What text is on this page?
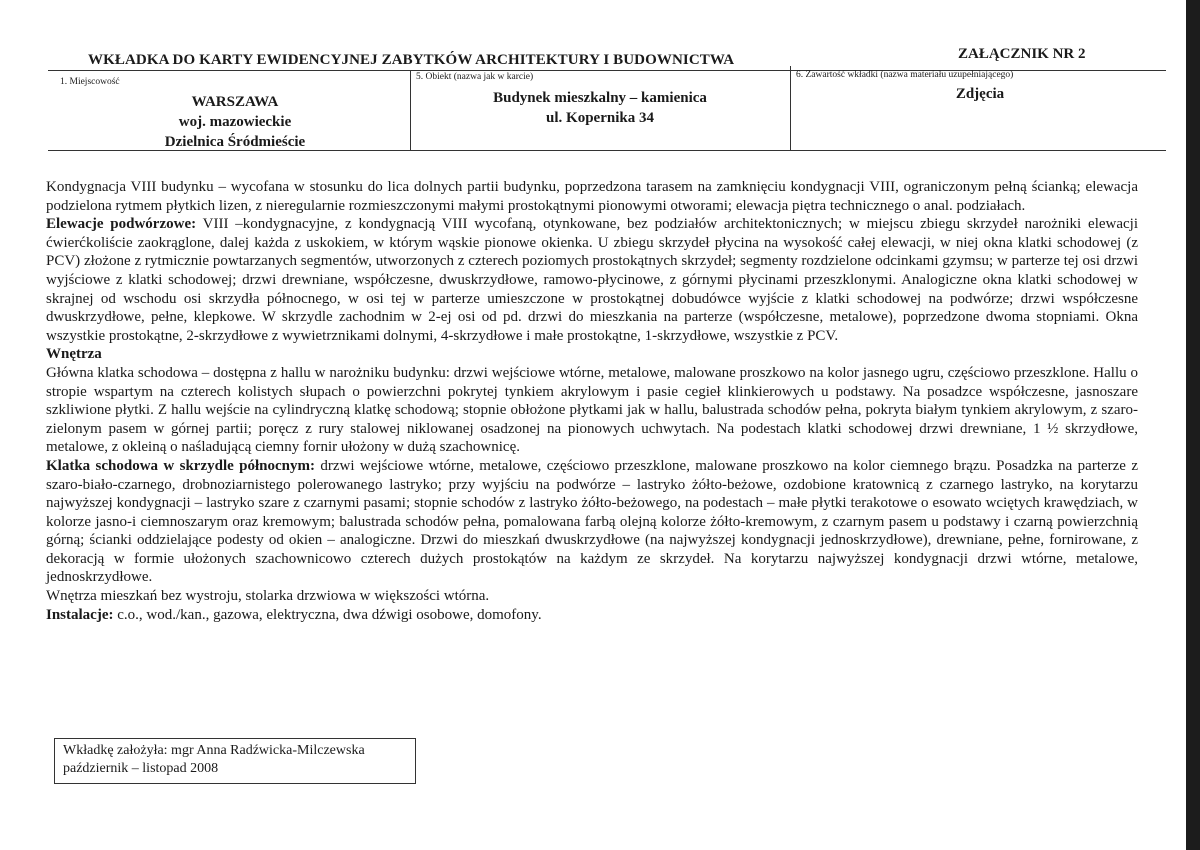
WKŁADKA DO KARTY EWIDENCYJNEJ ZABYTKÓW ARCHITEKTURY I BUDOWNICTWA	ZAŁĄCZNIK NR 2
1. Miejscowość
WARSZAWA
woj. mazowieckie
Dzielnica Śródmieście
5. Obiekt (nazwa jak w karcie)
Budynek mieszkalny – kamienica
ul. Kopernika 34
6. Zawartość wkładki (nazwa materiału uzupełniającego)
Zdjęcia

Kondygnacja VIII budynku – wycofana w stosunku do lica dolnych partii budynku, poprzedzona tarasem na zamknięciu kondygnacji VIII, ograniczonym pełną ścianką; elewacja podzielona rytmem płytkich lizen, z nieregularnie rozmieszczonymi małymi prostokątnymi pionowymi otworami; elewacja piętra technicznego o anal. podziałach.

Elewacje podwórzowe: VIII –kondygnacyjne, z kondygnacją VIII wycofaną, otynkowane, bez podziałów architektonicznych; w miejscu zbiegu skrzydeł narożniki elewacji ćwierćkoliście zaokrąglone, dalej każda z uskokiem, w którym wąskie pionowe okienka. U zbiegu skrzydeł płycina na wysokość całej elewacji, w niej okna klatki schodowej (z PCV) złożone z rytmicznie powtarzanych segmentów, utworzonych z czterech poziomych prostokątnych skrzydeł; segmenty rozdzielone odcinkami gzymsu; w parterze tej osi drzwi wyjściowe z klatki schodowej; drzwi drewniane, współczesne, dwuskrzydłowe, ramowo-płycinowe, z górnymi płycinami przeszklonymi. Analogiczne okna klatki schodowej w skrajnej od wschodu osi skrzydła północnego, w osi tej w parterze umieszczone w prostokątnej dobudówce wyjście z klatki schodowej na podwórze; drzwi współczesne dwuskrzydłowe, pełne, klepkowe. W skrzydle zachodnim w 2-ej osi od pd. drzwi do mieszkania na parterze (współczesne, metalowe), poprzedzone dwoma stopniami. Okna wszystkie prostokątne, 2-skrzydłowe z wywietrznikami dolnymi, 4-skrzydłowe i małe prostokątne, 1-skrzydłowe, wszystkie z PCV.

Wnętrza

Główna klatka schodowa – dostępna z hallu w narożniku budynku: drzwi wejściowe wtórne, metalowe, malowane proszkowo na kolor jasnego ugru, częściowo przeszklone. Hallu o stropie wspartym na czterech kolistych słupach o powierzchni pokrytej tynkiem akrylowym i pasie cegieł klinkierowych u podstawy. Na posadzce współczesne, jasnoszare szkliwione płytki. Z hallu wejście na cylindryczną klatkę schodową; stopnie obłożone płytkami jak w hallu, balustrada schodów pełna, pokryta białym tynkiem akrylowym, z szaro-zielonym pasem w górnej partii; poręcz z rury stalowej niklowanej osadzonej na pionowych uchwytach. Na podestach klatki schodowej drzwi drewniane, 1 ½ skrzydłowe, metalowe, z okleiną o naśladującą ciemny fornir ułożony w dużą szachownicę.

Klatka schodowa w skrzydle północnym: drzwi wejściowe wtórne, metalowe, częściowo przeszklone, malowane proszkowo na kolor ciemnego brązu. Posadzka na parterze z szaro-biało-czarnego, drobnoziarnistego polerowanego lastryko; przy wyjściu na podwórze – lastryko żółto-beżowe, ozdobione kratownicą z czarnego lastryko, na korytarzu najwyższej kondygnacji – lastryko szare z czarnymi pasami; stopnie schodów z lastryko żółto-beżowego, na podestach – małe płytki terakotowe o esowato wciętych krawędziach, w kolorze jasno-i ciemnoszarym oraz kremowym; balustrada schodów pełna, pomalowana farbą olejną kolorze żółto-kremowym, z czarnym pasem u podstawy i czarną powierzchnią górną; ścianki oddzielające podesty od okien – analogiczne. Drzwi do mieszkań dwuskrzydłowe (na najwyższej kondygnacji jednoskrzydłowe), drewniane, pełne, fornirowane, z dekoracją w formie ułożonych szachownicowo czterech dużych prostokątów na każdym ze skrzydeł. Na korytarzu najwyższej kondygnacji drzwi wtórne, metalowe, jednoskrzydłowe.

Wnętrza mieszkań bez wystroju, stolarka drzwiowa w większości wtórna.

Instalacje: c.o., wod./kan., gazowa, elektryczna, dwa dźwigi osobowe, domofony.

Wkładkę założyła: mgr Anna Radźwicka-Milczewska
październik – listopad 2008
